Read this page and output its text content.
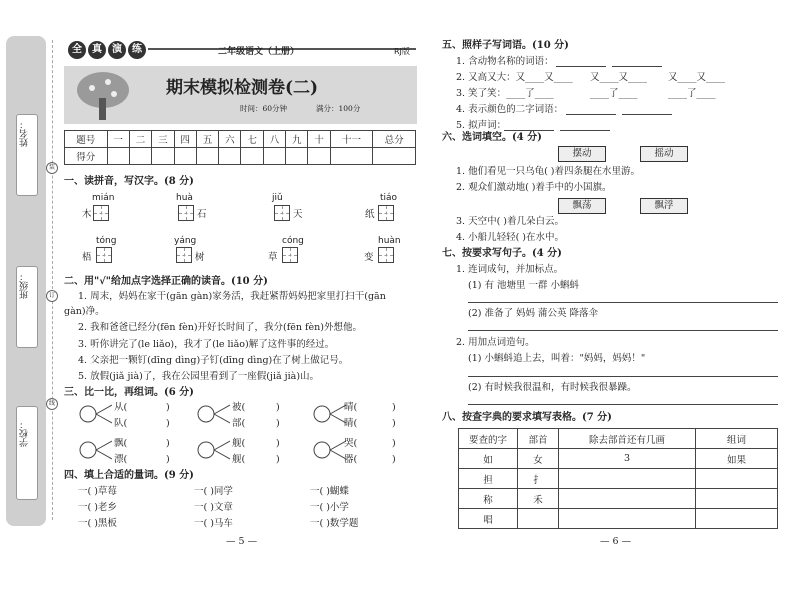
姓名：
班级：
学校：
装
订
线
全	真	演	练	二年级语文（上册）	RJ版
期末模拟检测卷(二)
时间：60分钟	满分：100分
题号	一	二	三	四	五	六	七	八	九	十	十一	总分
得分												
一、读拼音，写汉字。(8 分)
mián
木
huà
石
jiǔ
天
tiáo
纸
tóng
梧
yáng
树
cóng
草
huàn
变
二、用"√"给加点字选择正确的读音。(10 分)
1. 周末，妈妈在家干(gān gàn)家务活，我赶紧帮妈妈把家里打扫干(gān
gàn)净。
2. 我和爸爸已经分(fēn fèn)开好长时间了，我分(fēn fèn)外想他。
3. 听你讲完了(le liǎo)，我才了(le liǎo)解了这件事的经过。
4. 父亲把一颗钉(dīng dìng)子钉(dīng dìng)在了树上做记号。
5. 放假(jiǎ jià)了，我在公园里看到了一座假(jiǎ jià)山。
三、比一比，再组词。(6 分)
从(	)
队(	)
被(	)
部(	)
晴(	)
睛(	)
飘(	)
漂(	)
舰(	)
舰(	)
哭(	)
器(	)
四、填上合适的量词。(9 分)
一( )草莓	一( )同学	一( )蝴蝶
一( )老乡	一( )文章	一( )小学
一( )黑板	一( )马车	一( )数学题
— 5 —
五、照样子写词语。(10 分)
1. 含动物名称的词语：
2. 又高又大：又____又____ 又____又____ 又____又____
3. 笑了笑：____了____	____了____	____了____
4. 表示颜色的二字词语：
5. 拟声词：
六、选词填空。(4 分)
摆动	摇动
1. 他们看见一只乌龟( )着四条腿在水里游。
2. 观众们激动地( )着手中的小国旗。
飘荡	飘浮
3. 天空中( )着几朵白云。
4. 小船儿轻轻( )在水中。
七、按要求写句子。(4 分)
1. 连词成句，并加标点。
(1) 有 池塘里 一群 小蝌蚪
(2) 准备了 妈妈 蒲公英 降落伞
2. 用加点词造句。
(1) 小蝌蚪追上去，叫着："妈妈，妈妈！"
(2) 有时候我很温和，有时候我很暴躁。
八、按查字典的要求填写表格。(7 分)
要查的字	部首	除去部首还有几画	组词
如	女	3	如果
担	扌		
称	禾		
唱			
— 6 —
